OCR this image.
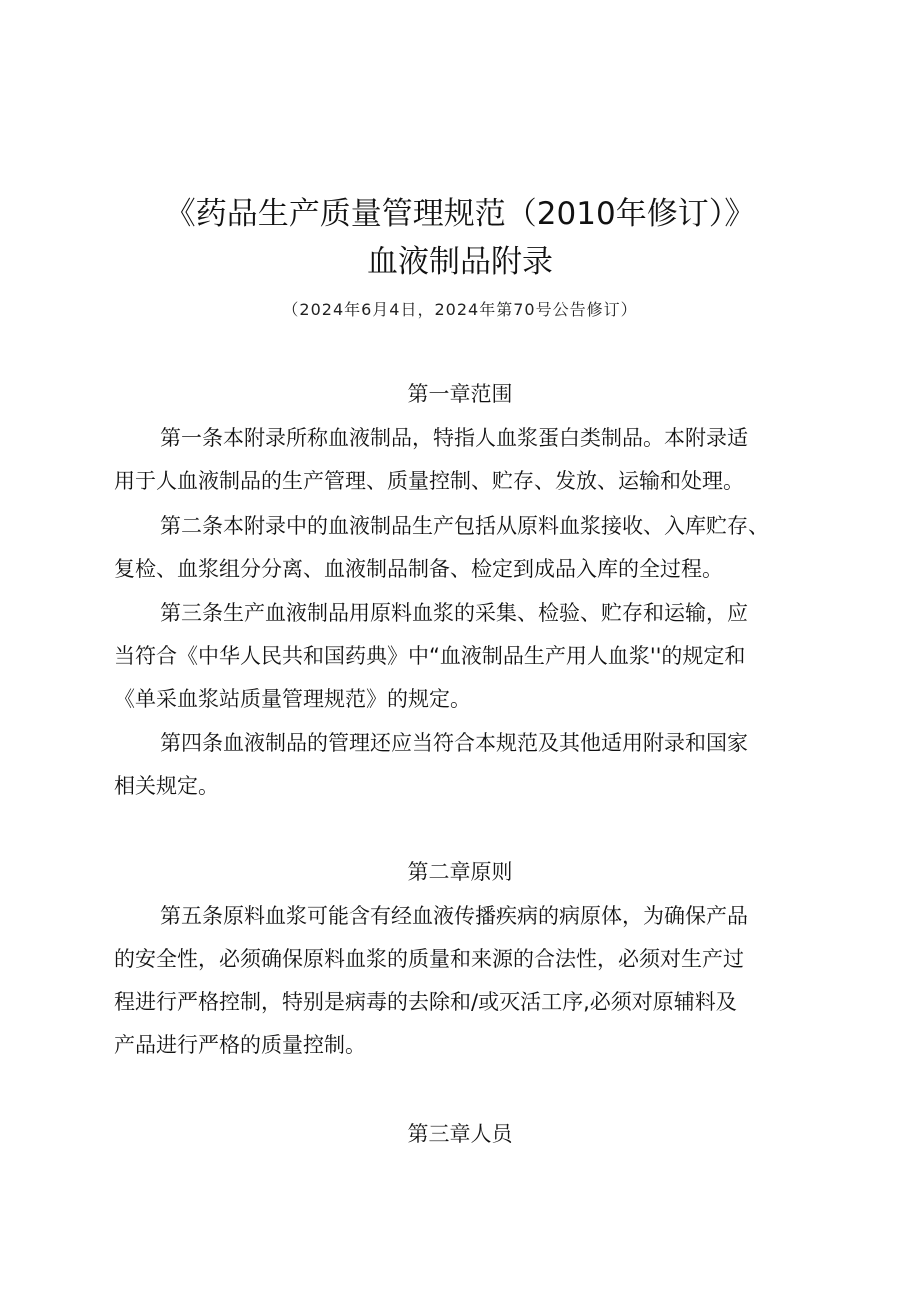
《药品生产质量管理规范（2010年修订）》
血液制品附录
（2024年6月4日，2024年第70号公告修订）
第一章范围
第一条本附录所称血液制品，特指人血浆蛋白类制品。本附录适
用于人血液制品的生产管理、质量控制、贮存、发放、运输和处理。
第二条本附录中的血液制品生产包括从原料血浆接收、入库贮存、
复检、血浆组分分离、血液制品制备、检定到成品入库的全过程。
第三条生产血液制品用原料血浆的采集、检验、贮存和运输，应
当符合《中华人民共和国药典》中“血液制品生产用人血浆''的规定和
《单采血浆站质量管理规范》的规定。
第四条血液制品的管理还应当符合本规范及其他适用附录和国家
相关规定。
第二章原则
第五条原料血浆可能含有经血液传播疾病的病原体，为确保产品
的安全性，必须确保原料血浆的质量和来源的合法性，必须对生产过
程进行严格控制，特别是病毒的去除和/或灭活工序,必须对原辅料及
产品进行严格的质量控制。
第三章人员
